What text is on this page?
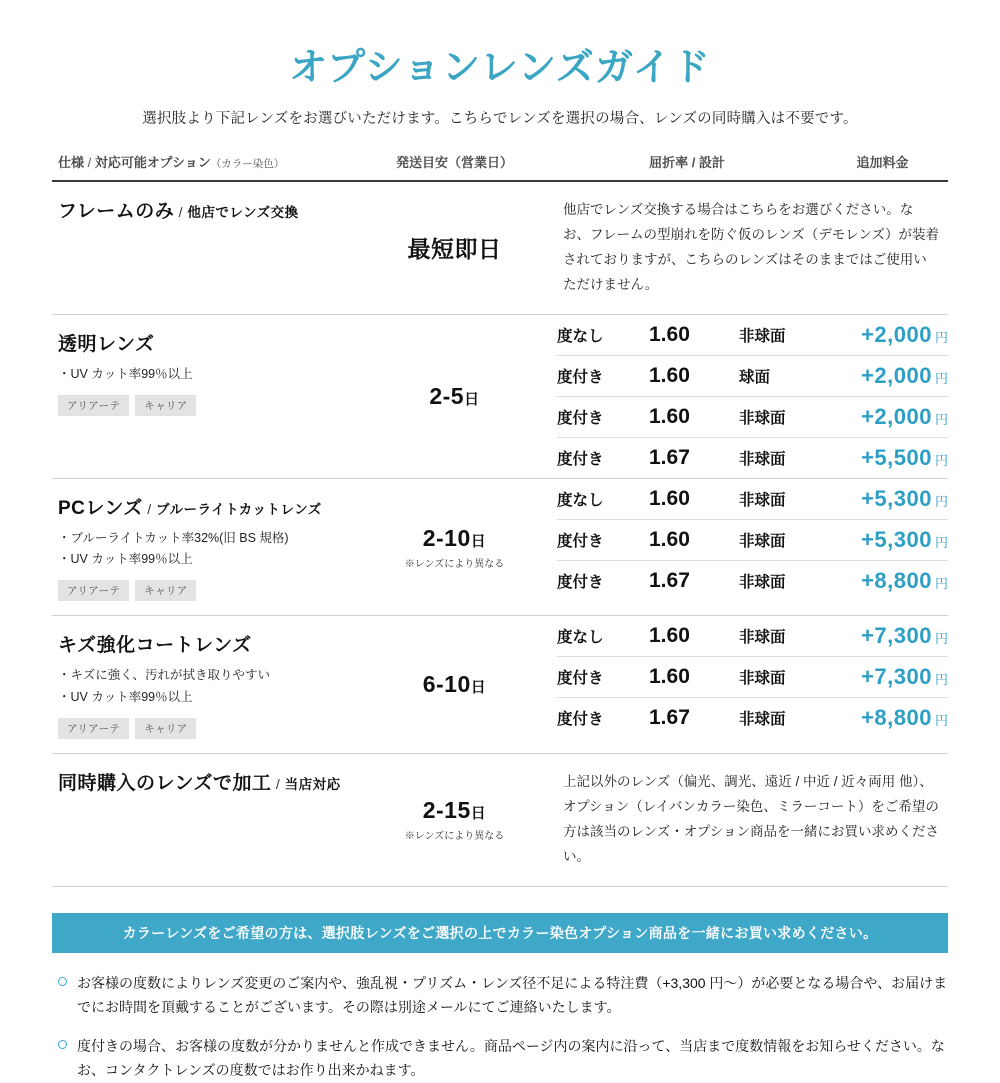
オプションレンズガイド
選択肢より下記レンズをお選びいただけます。こちらでレンズを選択の場合、レンズの同時購入は不要です。
仕様 / 対応可能オプション（カラー染色）	発送目安（営業日）	屈折率 / 設計	追加料金
フレームのみ / 他店でレンズ交換
最短即日
他店でレンズ交換する場合はこちらをお選びください。なお、フレームの型崩れを防ぐ仮のレンズ（デモレンズ）が装着されておりますが、こちらのレンズはそのままではご使用いただけません。
透明レンズ
・UV カット率99％以上
アリアーテ キャリア	2-5日
度なし	1.60	非球面	+2,000 円
度付き	1.60	球面	+2,000 円
度付き	1.60	非球面	+2,000 円
度付き	1.67	非球面	+5,500 円
PCレンズ / ブルーライトカットレンズ
・ブルーライトカット率32%(旧 BS 規格)
・UV カット率99％以上
アリアーテ キャリア
2-10日
※レンズにより異なる
度なし	1.60	非球面	+5,300 円
度付き	1.60	非球面	+5,300 円
度付き	1.67	非球面	+8,800 円
キズ強化コートレンズ
・キズに強く、汚れが拭き取りやすい
・UV カット率99％以上
アリアーテ キャリア
6-10日
度なし	1.60	非球面	+7,300 円
度付き	1.60	非球面	+7,300 円
度付き	1.67	非球面	+8,800 円
同時購入のレンズで加工 / 当店対応
2-15日
※レンズにより異なる
上記以外のレンズ（偏光、調光、遠近 / 中近 / 近々両用 他）、オプション（レイバンカラー染色、ミラーコート）をご希望の方は該当のレンズ・オプション商品を一緒にお買い求めください。
カラーレンズをご希望の方は、選択肢レンズをご選択の上でカラー染色オプション商品を一緒にお買い求めください。
お客様の度数によりレンズ変更のご案内や、強乱視・プリズム・レンズ径不足による特注費（+3,300 円～）が必要となる場合や、お届けまでにお時間を頂戴することがございます。その際は別途メールにてご連絡いたします。
度付きの場合、お客様の度数が分かりませんと作成できません。商品ページ内の案内に沿って、当店まで度数情報をお知らせください。なお、コンタクトレンズの度数ではお作り出来かねます。
